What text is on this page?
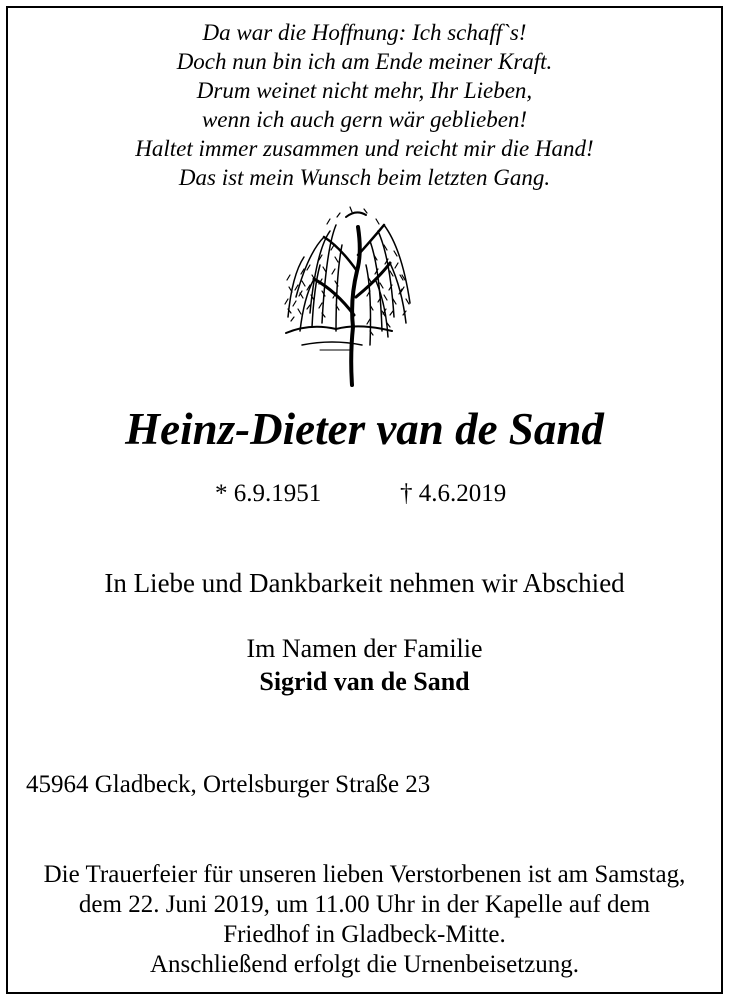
Da war die Hoffnung: Ich schaff`s!
Doch nun bin ich am Ende meiner Kraft.
Drum weinet nicht mehr, Ihr Lieben,
wenn ich auch gern wär geblieben!
Haltet immer zusammen und reicht mir die Hand!
Das ist mein Wunsch beim letzten Gang.
Heinz-Dieter van de Sand
* 6.9.1951	† 4.6.2019
In Liebe und Dankbarkeit nehmen wir Abschied
Im Namen der Familie
Sigrid van de Sand
45964 Gladbeck, Ortelsburger Straße 23
Die Trauerfeier für unseren lieben Verstorbenen ist am Samstag,
dem 22. Juni 2019, um 11.00 Uhr in der Kapelle auf dem
Friedhof in Gladbeck-Mitte.
Anschließend erfolgt die Urnenbeisetzung.
